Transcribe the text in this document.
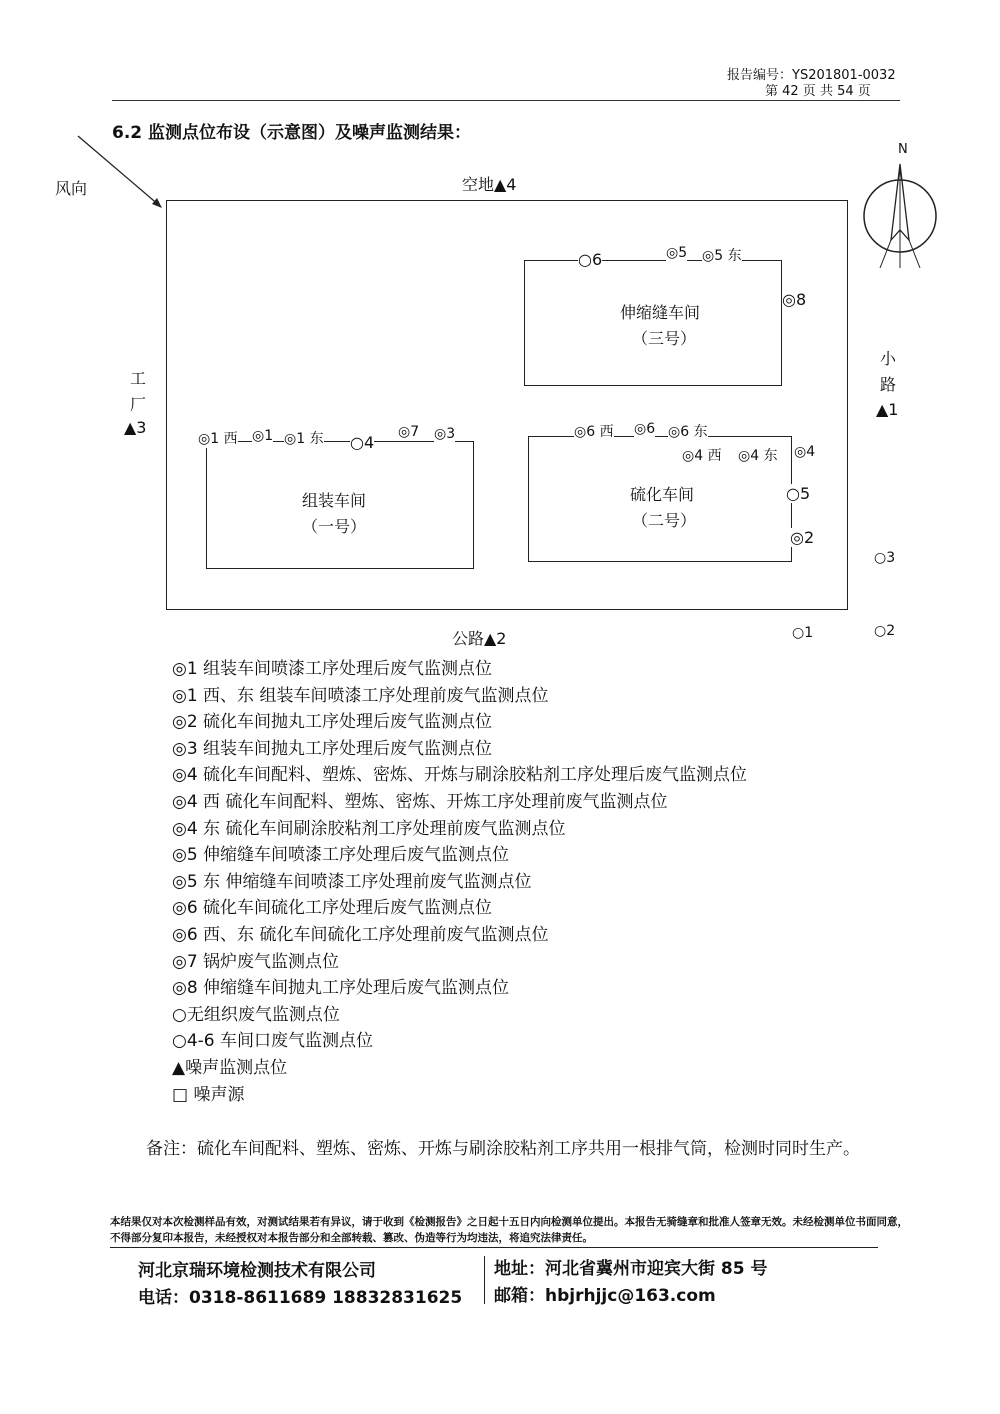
报告编号：YS201801-0032
第 42 页 共 54 页
6.2 监测点位布设（示意图）及噪声监测结果：
风向
N
空地▲4
公路▲2
工
厂
▲3
小
路
▲1
伸缩缝车间
（三号）
组装车间
（一号）
硫化车间
（二号）
○6	◎5 ◎5 东
◎8
◎1 西 ◎1 ◎1 东 ○4
◎7 ◎3	◎6 西 ◎6 ◎6 东
◎4 西 ◎4 东 ◎4
○5
◎2
○3
○1	○2
◎1 组装车间喷漆工序处理后废气监测点位
◎1 西、东 组装车间喷漆工序处理前废气监测点位
◎2 硫化车间抛丸工序处理后废气监测点位
◎3 组装车间抛丸工序处理后废气监测点位
◎4 硫化车间配料、塑炼、密炼、开炼与刷涂胶粘剂工序处理后废气监测点位
◎4 西 硫化车间配料、塑炼、密炼、开炼工序处理前废气监测点位
◎4 东 硫化车间刷涂胶粘剂工序处理前废气监测点位
◎5 伸缩缝车间喷漆工序处理后废气监测点位
◎5 东 伸缩缝车间喷漆工序处理前废气监测点位
◎6 硫化车间硫化工序处理后废气监测点位
◎6 西、东 硫化车间硫化工序处理前废气监测点位
◎7 锅炉废气监测点位
◎8 伸缩缝车间抛丸工序处理后废气监测点位
○无组织废气监测点位
○4-6 车间口废气监测点位
▲噪声监测点位
□ 噪声源
备注：硫化车间配料、塑炼、密炼、开炼与刷涂胶粘剂工序共用一根排气筒，检测时同时生产。
本结果仅对本次检测样品有效，对测试结果若有异议，请于收到《检测报告》之日起十五日内向检测单位提出。本报告无骑缝章和批准人签章无效。未经检测单位书面同意，不得部分复印本报告，未经授权对本报告部分和全部转载、篡改、伪造等行为均违法，将追究法律责任。
河北京瑞环境检测技术有限公司
电话：0318-8611689 18832831625
地址：河北省冀州市迎宾大街 85 号
邮箱：hbjrhjjc@163.com
